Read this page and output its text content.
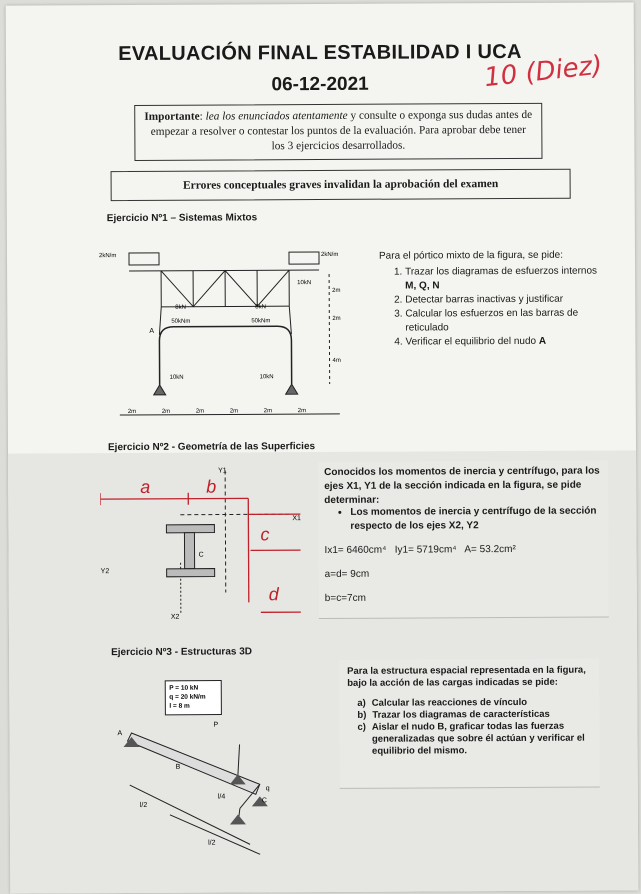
EVALUACIÓN FINAL ESTABILIDAD I UCA
06-12-2021	10 (Diez)
Importante: lea los enunciados atentamente y consulte o exponga sus dudas antes de empezar a resolver o contestar los puntos de la evaluación. Para aprobar debe tener los 3 ejercicios desarrollados.
Errores conceptuales graves invalidan la aprobación del examen
Ejercicio Nº1 – Sistemas Mixtos
2kN/m	2kN/m
10kN
8kN	8kN
50kNm	50kNm
A
10kN	10kN
2m
2m
4m
2m	2m	2m	2m	2m	2m
Para el pórtico mixto de la figura, se pide:
1. Trazar los diagramas de esfuerzos internos M, Q, N
2. Detectar barras inactivas y justificar
3. Calcular los esfuerzos en las barras de reticulado
4. Verificar el equilibrio del nudo A
Ejercicio Nº2 - Geometría de las Superficies
Y1
X1
Y2
X2
C
a	b
c
d
Conocidos los momentos de inercia y centrífugo, para los ejes X1, Y1 de la sección indicada en la figura, se pide determinar:
• Los momentos de inercia y centrífugo de la sección respecto de los ejes X2, Y2
Ix1= 6460cm⁴ Iy1= 5719cm⁴ A= 53.2cm²
a=d= 9cm
b=c=7cm
Ejercicio Nº3 - Estructuras 3D
P = 10 kN
q = 20 kN/m
l = 8 m
A
B
C
P
q
l/2
l/4
l/2
Para la estructura espacial representada en la figura, bajo la acción de las cargas indicadas se pide:
a) Calcular las reacciones de vínculo
b) Trazar los diagramas de características
c) Aislar el nudo B, graficar todas las fuerzas generalizadas que sobre él actúan y verificar el equilibrio del mismo.
